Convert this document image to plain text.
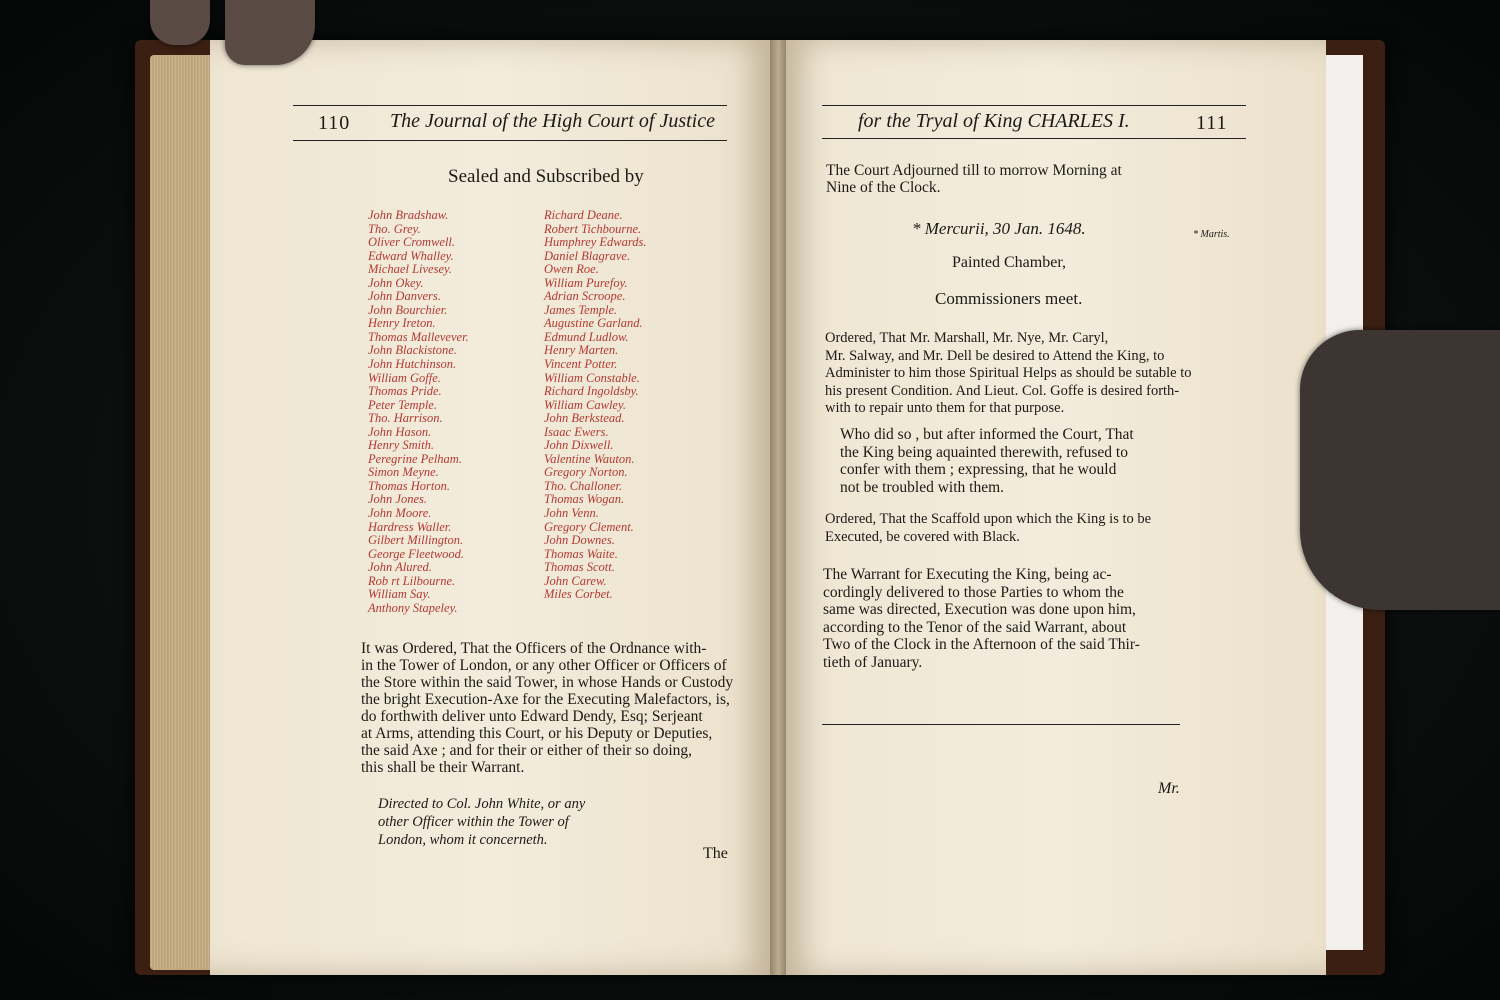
110 The Journal of the High Court of Justice
Sealed and Subscribed by
John Bradshaw.
Tho. Grey.
Oliver Cromwell.
Edward Whalley.
Michael Livesey.
John Okey.
John Danvers.
John Bourchier.
Henry Ireton.
Thomas Mallevever.
John Blackistone.
John Hutchinson.
William Goffe.
Thomas Pride.
Peter Temple.
Tho. Harrison.
John Hason.
Henry Smith.
Peregrine Pelham.
Simon Meyne.
Thomas Horton.
John Jones.
John Moore.
Hardress Waller.
Gilbert Millington.
George Fleetwood.
John Alured.
Rob rt Lilbourne.
William Say.
Anthony Stapeley.
Richard Deane.
Robert Tichbourne.
Humphrey Edwards.
Daniel Blagrave.
Owen Roe.
William Purefoy.
Adrian Scroope.
James Temple.
Augustine Garland.
Edmund Ludlow.
Henry Marten.
Vincent Potter.
William Constable.
Richard Ingoldsby.
William Cawley.
John Berkstead.
Isaac Ewers.
John Dixwell.
Valentine Wauton.
Gregory Norton.
Tho. Challoner.
Thomas Wogan.
John Venn.
Gregory Clement.
John Downes.
Thomas Waite.
Thomas Scott.
John Carew.
Miles Corbet.
It was Ordered, That the Officers of the Ordnance with-
in the Tower of London, or any other Officer or Officers of
the Store within the said Tower, in whose Hands or Custody
the bright Execution-Axe for the Executing Malefactors, is,
do forthwith deliver unto Edward Dendy, Esq; Serjeant
at Arms, attending this Court, or his Deputy or Deputies,
the said Axe ; and for their or either of their so doing,
this shall be their Warrant.
Directed to Col. John White, or any
other Officer within the Tower of
London, whom it concerneth.
The
for the Tryal of King CHARLES I.	111
The Court Adjourned till to morrow Morning at
Nine of the Clock.
* Mercurii, 30 Jan. 1648.	* Martis.
Painted Chamber,
Commissioners meet.
Ordered, That Mr. Marshall, Mr. Nye, Mr. Caryl,
Mr. Salway, and Mr. Dell be desired to Attend the King, to
Administer to him those Spiritual Helps as should be sutable to
his present Condition. And Lieut. Col. Goffe is desired forth-
with to repair unto them for that purpose.
Who did so , but after informed the Court, That
the King being aquainted therewith, refused to
confer with them ; expressing, that he would
not be troubled with them.
Ordered, That the Scaffold upon which the King is to be
Executed, be covered with Black.
The Warrant for Executing the King, being ac-
cordingly delivered to those Parties to whom the
same was directed, Execution was done upon him,
according to the Tenor of the said Warrant, about
Two of the Clock in the Afternoon of the said Thir-
tieth of January.
Mr.
